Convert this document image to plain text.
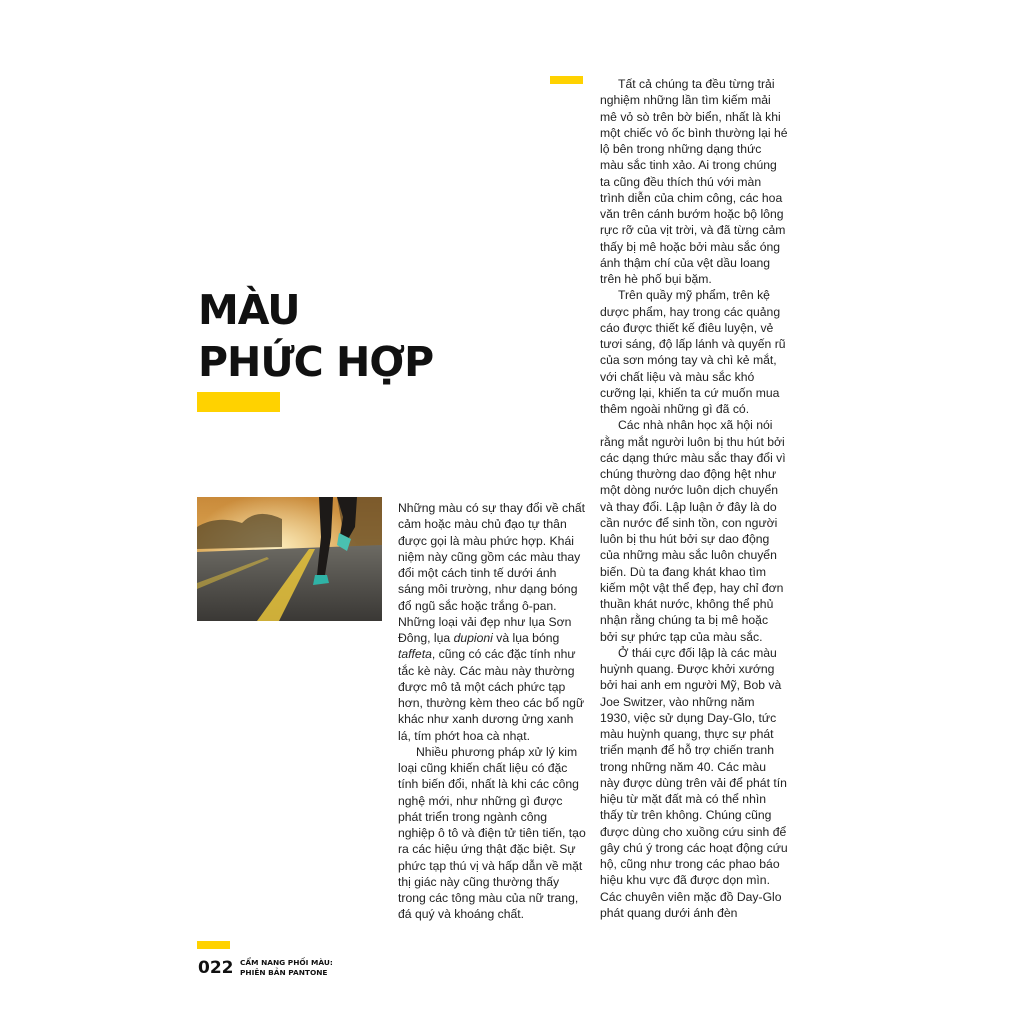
MÀU
PHỨC HỢP

Những màu có sự thay đổi về chất cảm hoặc màu chủ đạo tự thân được gọi là màu phức hợp. Khái niệm này cũng gồm các màu thay đổi một cách tinh tế dưới ánh sáng môi trường, như dạng bóng đổ ngũ sắc hoặc trắng ô-pan. Những loại vải đẹp như lụa Sơn Đông, lụa dupioni và lụa bóng taffeta, cũng có các đặc tính như tắc kè này. Các màu này thường được mô tả một cách phức tạp hơn, thường kèm theo các bổ ngữ khác như xanh dương ửng xanh lá, tím phớt hoa cà nhạt.

Nhiều phương pháp xử lý kim loại cũng khiến chất liệu có đặc tính biến đổi, nhất là khi các công nghệ mới, như những gì được phát triển trong ngành công nghiệp ô tô và điện tử tiên tiến, tạo ra các hiệu ứng thật đặc biệt. Sự phức tạp thú vị và hấp dẫn về mặt thị giác này cũng thường thấy trong các tông màu của nữ trang, đá quý và khoáng chất.

Tất cả chúng ta đều từng trải nghiệm những lần tìm kiếm mải mê vỏ sò trên bờ biển, nhất là khi một chiếc vỏ ốc bình thường lại hé lộ bên trong những dạng thức màu sắc tinh xảo. Ai trong chúng ta cũng đều thích thú với màn trình diễn của chim công, các hoa văn trên cánh bướm hoặc bộ lông rực rỡ của vịt trời, và đã từng cảm thấy bị mê hoặc bởi màu sắc óng ánh thậm chí của vệt dầu loang trên hè phố bụi bặm.

Trên quầy mỹ phẩm, trên kệ dược phẩm, hay trong các quảng cáo được thiết kế điêu luyện, vẻ tươi sáng, độ lấp lánh và quyến rũ của sơn móng tay và chì kẻ mắt, với chất liệu và màu sắc khó cưỡng lại, khiến ta cứ muốn mua thêm ngoài những gì đã có.

Các nhà nhân học xã hội nói rằng mắt người luôn bị thu hút bởi các dạng thức màu sắc thay đổi vì chúng thường dao động hệt như một dòng nước luôn dịch chuyển và thay đổi. Lập luận ở đây là do cần nước để sinh tồn, con người luôn bị thu hút bởi sự dao động của những màu sắc luôn chuyển biến. Dù ta đang khát khao tìm kiếm một vật thể đẹp, hay chỉ đơn thuần khát nước, không thể phủ nhận rằng chúng ta bị mê hoặc bởi sự phức tạp của màu sắc.

Ở thái cực đối lập là các màu huỳnh quang. Được khởi xướng bởi hai anh em người Mỹ, Bob và Joe Switzer, vào những năm 1930, việc sử dụng Day-Glo, tức màu huỳnh quang, thực sự phát triển mạnh để hỗ trợ chiến tranh trong những năm 40. Các màu này được dùng trên vải để phát tín hiệu từ mặt đất mà có thể nhìn thấy từ trên không. Chúng cũng được dùng cho xuồng cứu sinh để gây chú ý trong các hoạt động cứu hộ, cũng như trong các phao báo hiệu khu vực đã được dọn mìn. Các chuyên viên mặc đồ Day-Glo phát quang dưới ánh đèn

022 CẨM NANG PHỐI MÀU:
PHIÊN BẢN PANTONE
